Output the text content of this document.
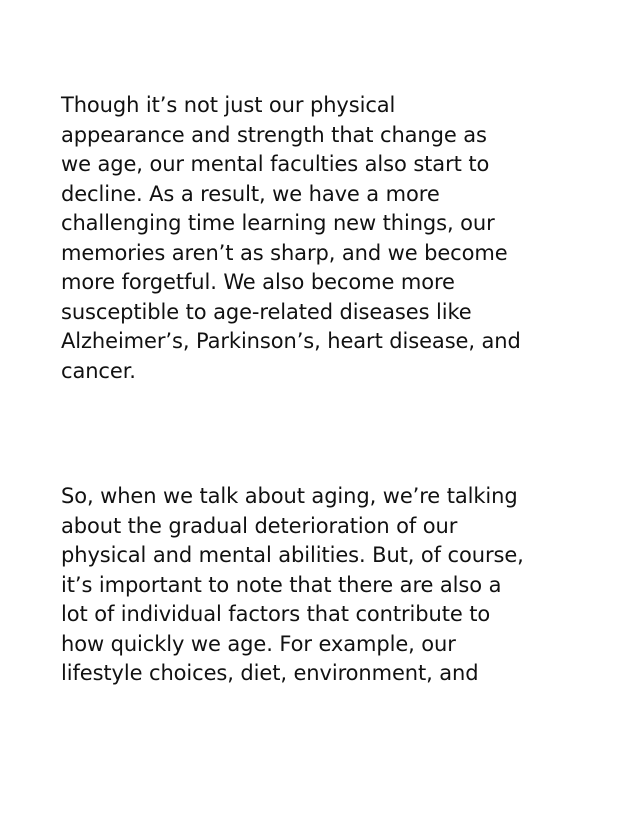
Though it’s not just our physical
appearance and strength that change as
we age, our mental faculties also start to
decline. As a result, we have a more
challenging time learning new things, our
memories aren’t as sharp, and we become
more forgetful. We also become more
susceptible to age-related diseases like
Alzheimer’s, Parkinson’s, heart disease, and
cancer.
So, when we talk about aging, we’re talking
about the gradual deterioration of our
physical and mental abilities. But, of course,
it’s important to note that there are also a
lot of individual factors that contribute to
how quickly we age. For example, our
lifestyle choices, diet, environment, and
